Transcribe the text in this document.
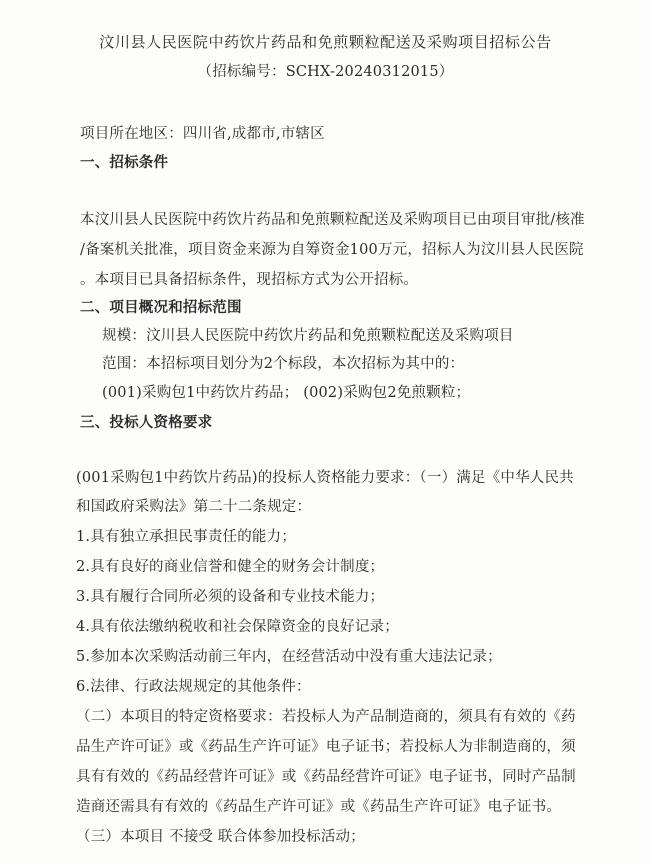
汶川县人民医院中药饮片药品和免煎颗粒配送及采购项目招标公告
（招标编号：SCHX-20240312015）
项目所在地区：四川省,成都市,市辖区
一、招标条件
本汶川县人民医院中药饮片药品和免煎颗粒配送及采购项目已由项目审批/核准
/备案机关批准，项目资金来源为自筹资金100万元，招标人为汶川县人民医院
。本项目已具备招标条件，现招标方式为公开招标。
二、项目概况和招标范围
规模：汶川县人民医院中药饮片药品和免煎颗粒配送及采购项目
范围：本招标项目划分为2个标段，本次招标为其中的：
(001)采购包1中药饮片药品； (002)采购包2免煎颗粒；
三、投标人资格要求
(001采购包1中药饮片药品)的投标人资格能力要求：（一）满足《中华人民共
和国政府采购法》第二十二条规定：
1.具有独立承担民事责任的能力；
2.具有良好的商业信誉和健全的财务会计制度；
3.具有履行合同所必须的设备和专业技术能力；
4.具有依法缴纳税收和社会保障资金的良好记录；
5.参加本次采购活动前三年内，在经营活动中没有重大违法记录；
6.法律、行政法规规定的其他条件：
（二）本项目的特定资格要求：若投标人为产品制造商的，须具有有效的《药
品生产许可证》或《药品生产许可证》电子证书；若投标人为非制造商的，须
具有有效的《药品经营许可证》或《药品经营许可证》电子证书，同时产品制
造商还需具有有效的《药品生产许可证》或《药品生产许可证》电子证书。
（三）本项目 不接受 联合体参加投标活动；
